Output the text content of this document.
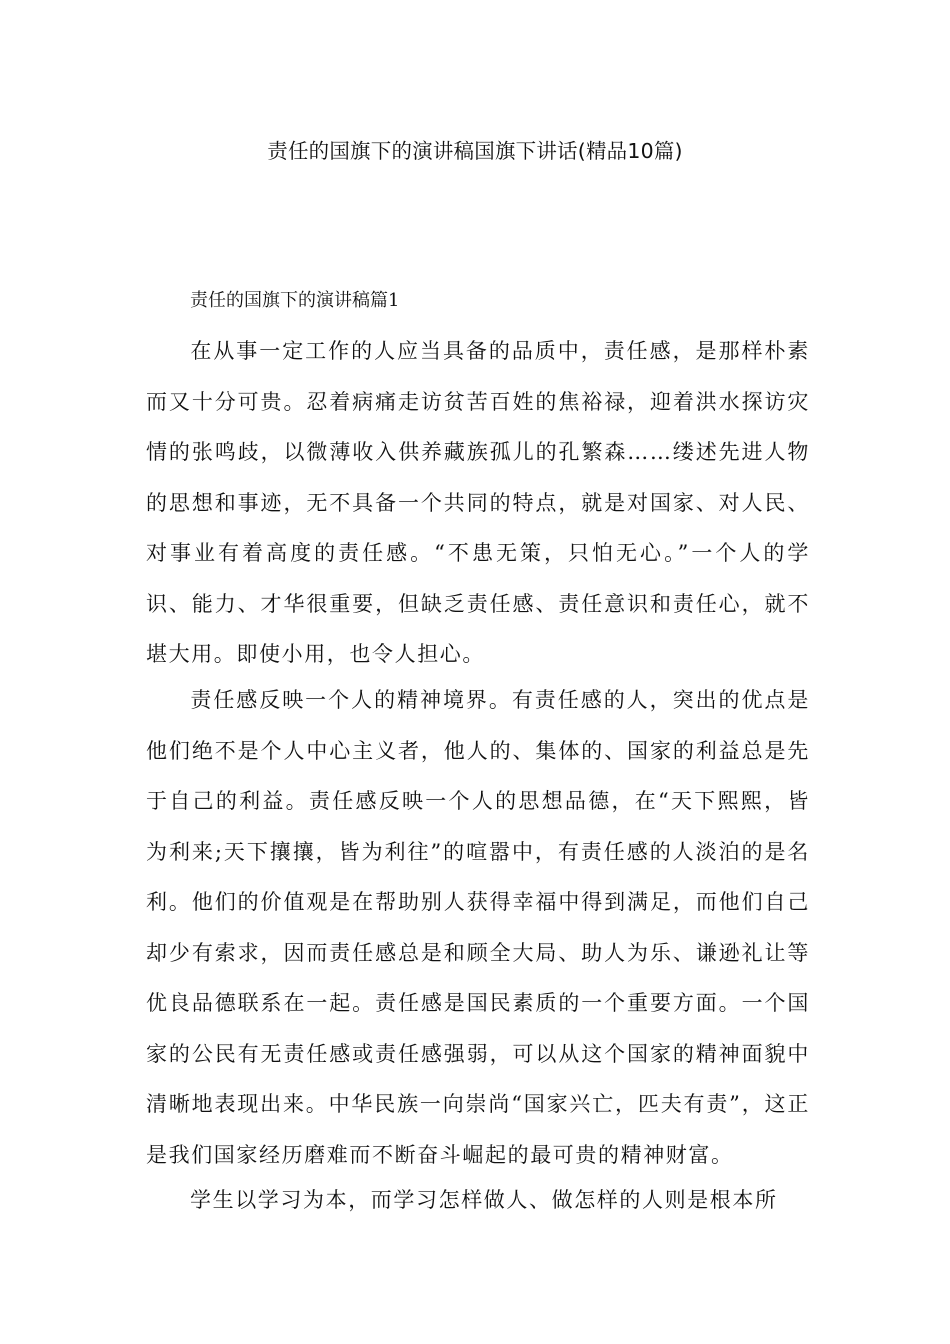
责任的国旗下的演讲稿国旗下讲话(精品10篇)
责任的国旗下的演讲稿篇1

在从事一定工作的人应当具备的品质中，责任感，是那样朴素而又十分可贵。忍着病痛走访贫苦百姓的焦裕禄，迎着洪水探访灾情的张鸣歧，以微薄收入供养藏族孤儿的孔繁森……缕述先进人物的思想和事迹，无不具备一个共同的特点，就是对国家、对人民、对事业有着高度的责任感。“不患无策，只怕无心。”一个人的学识、能力、才华很重要，但缺乏责任感、责任意识和责任心，就不堪大用。即使小用，也令人担心。

责任感反映一个人的精神境界。有责任感的人，突出的优点是他们绝不是个人中心主义者，他人的、集体的、国家的利益总是先于自己的利益。责任感反映一个人的思想品德，在“天下熙熙，皆为利来;天下攘攘，皆为利往”的喧嚣中，有责任感的人淡泊的是名利。他们的价值观是在帮助别人获得幸福中得到满足，而他们自己却少有索求，因而责任感总是和顾全大局、助人为乐、谦逊礼让等优良品德联系在一起。责任感是国民素质的一个重要方面。一个国家的公民有无责任感或责任感强弱，可以从这个国家的精神面貌中清晰地表现出来。中华民族一向崇尚“国家兴亡，匹夫有责”，这正是我们国家经历磨难而不断奋斗崛起的最可贵的精神财富。

学生以学习为本，而学习怎样做人、做怎样的人则是根本所
